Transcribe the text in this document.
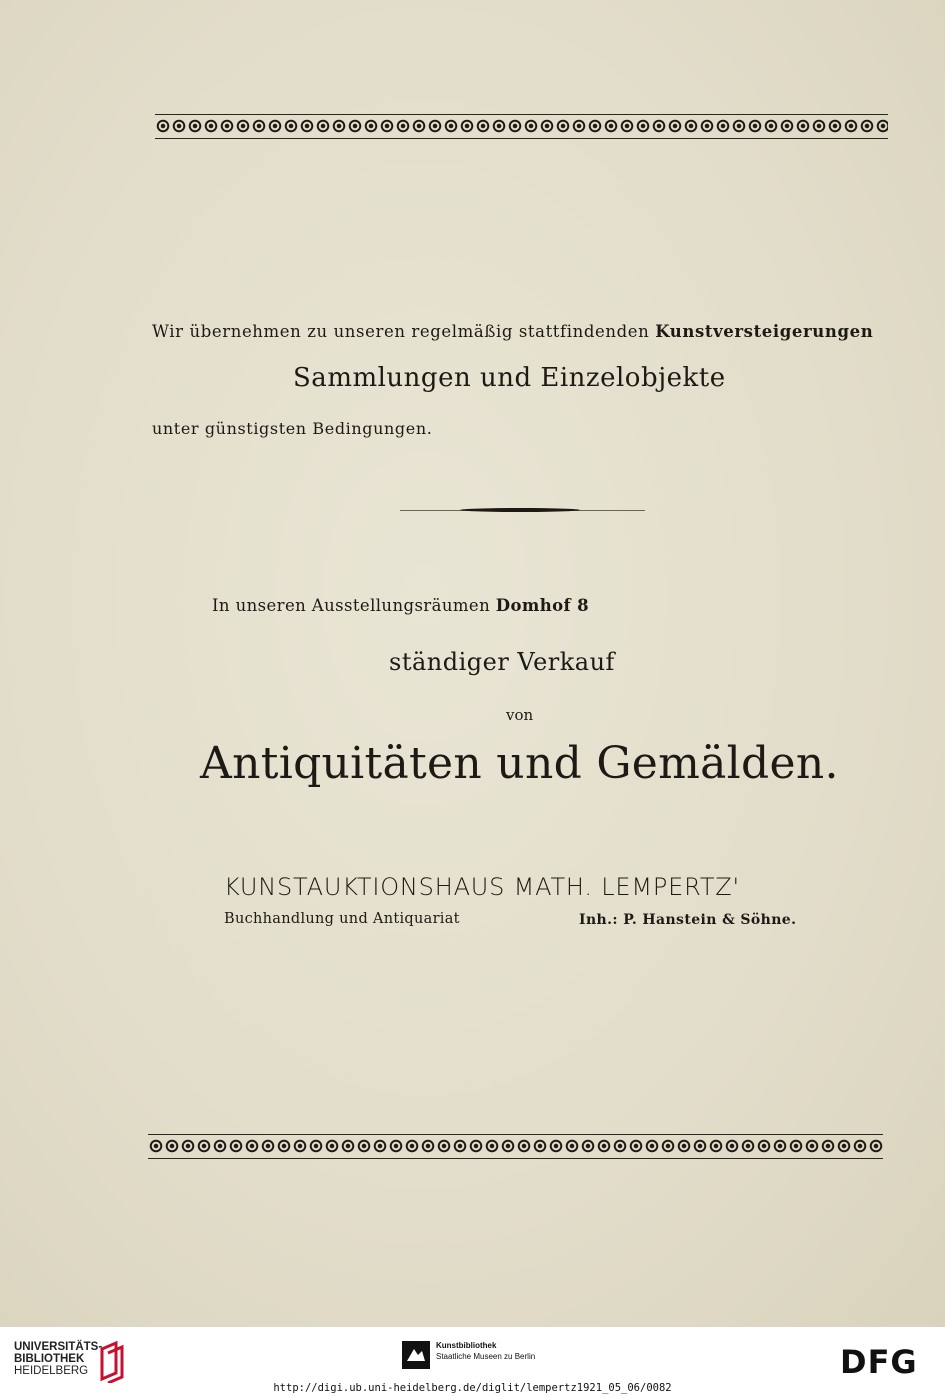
Wir übernehmen zu unseren regelmäßig stattfindenden Kunstversteigerungen
Sammlungen und Einzelobjekte
unter günstigsten Bedingungen.
In unseren Ausstellungsräumen Domhof 8
ständiger Verkauf
von
Antiquitäten und Gemälden.
KUNSTAUKTIONSHAUS MATH. LEMPERTZ'
Buchhandlung und Antiquariat	Inh.: P. Hanstein & Söhne.
UNIVERSITÄTS-
BIBLIOTHEK
HEIDELBERG
Kunstbibliothek
Staatliche Museen zu Berlin	DFG
http://digi.ub.uni-heidelberg.de/diglit/lempertz1921_05_06/0082
